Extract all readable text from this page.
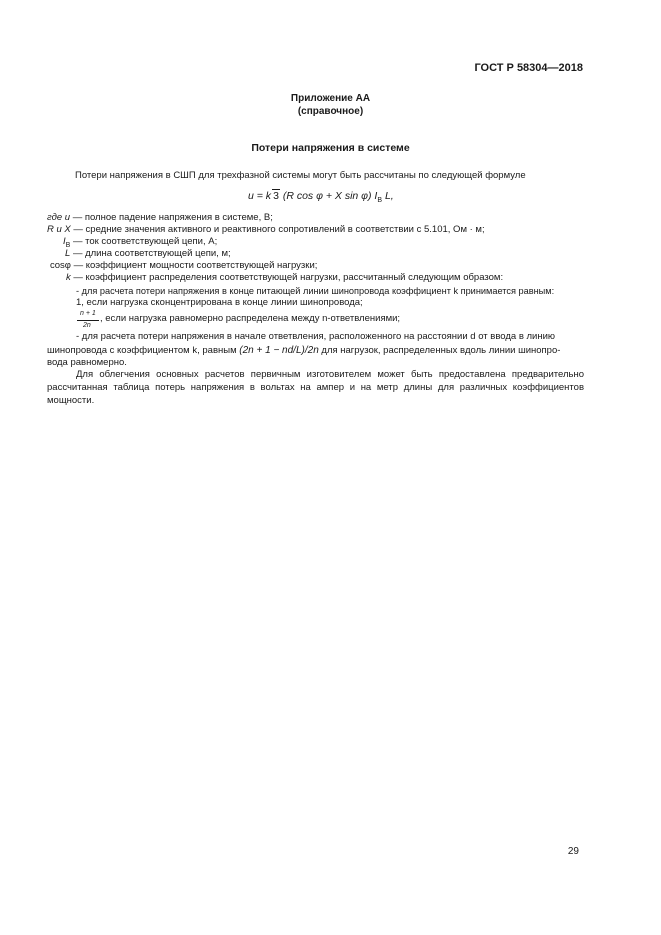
ГОСТ Р 58304—2018
Приложение АА
(справочное)
Потери напряжения в системе
Потери напряжения в СШП для трехфазной системы могут быть рассчитаны по следующей формуле
u = k 3 (R cos φ + X sin φ) $I_B$ L,
где u — полное падение напряжения в системе, В;
R и X — средние значения активного и реактивного сопротивлений в соответствии с 5.101, Ом · м;
$I_B$ — ток соответствующей цепи, А;
L — длина соответствующей цепи, м;
cosφ — коэффициент мощности соответствующей нагрузки;
k — коэффициент распределения соответствующей нагрузки, рассчитанный следующим образом:
- для расчета потери напряжения в конце питающей линии шинопровода коэффициент k принимается равным:
1, если нагрузка сконцентрирована в конце линии шинопровода;
n + 1
2n
, если нагрузка равномерно распределена между n-ответвлениями;
- для расчета потери напряжения в начале ответвления, расположенного на расстоянии d от ввода в линию
шинопровода с коэффициентом k, равным (2n + 1 − nd/L)/2n для нагрузок, распределенных вдоль линии шинопро-
вода равномерно.
Для облегчения основных расчетов первичным изготовителем может быть предоставлена предварительно рассчитанная таблица потерь напряжения в вольтах на ампер и на метр длины для различных коэффициентов мощности.
29
